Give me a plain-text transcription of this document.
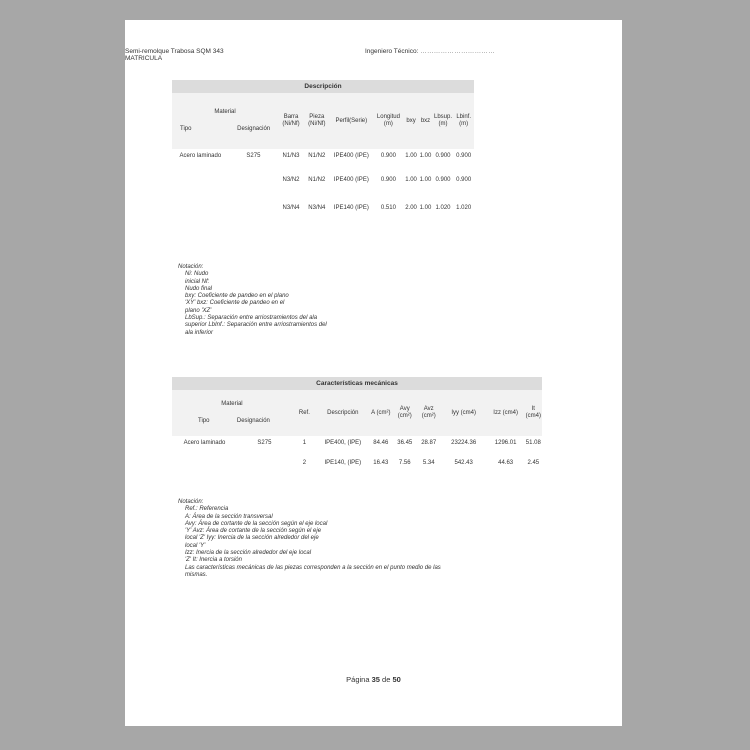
Semi-remolque Trabosa SQM 343
MATRICULA
Ingeniero Técnico: ……………………………
Descripción									

Material
Tipo Designación		Barra (Ni/Nf)	Pieza (Ni/Nf)	Perfil(Serie)	Longitud (m)	bxy	bxz	Lbsup. (m)	Lbinf. (m)
Acero laminado	S275	N1/N3	N1/N2	IPE400 (IPE)	0.900	1.00	1.00	0.900	0.900
		N3/N2	N1/N2	IPE400 (IPE)	0.900	1.00	1.00	0.900	0.900
		N3/N4	N3/N4	IPE140 (IPE)	0.510	2.00	1.00	1.020	1.020
Notación:
Ni: Nudo
inicial Nf:
Nudo final
bxy: Coeficiente de pandeo en el plano
'XY' bxz: Coeficiente de pandeo en el
plano 'XZ'
LbSup.: Separación entre arriostramientos del ala
superior LbInf.: Separación entre arriostramientos del
ala inferior
Características mecánicas									

Material
Tipo Designación		Ref.	Descripción	A (cm²)	Avy (cm²)	Avz (cm²)	Iyy (cm4)	Izz (cm4)	It (cm4)
Acero laminado	S275	1	IPE400, (IPE)	84.46	36.45	28.87	23224.36	1296.01	51.08
		2	IPE140, (IPE)	16.43	7.56	5.34	542.43	44.63	2.45
Notación:
Ref.: Referencia
A: Área de la sección transversal
Avy: Área de cortante de la sección según el eje local
'Y' Avz: Área de cortante de la sección según el eje
local 'Z' Iyy: Inercia de la sección alrededor del eje
local 'Y'
Izz: Inercia de la sección alrededor del eje local
'Z' It: Inercia a torsión
Las características mecánicas de las piezas corresponden a la sección en el punto medio de las
mismas.
Página 35 de 50
